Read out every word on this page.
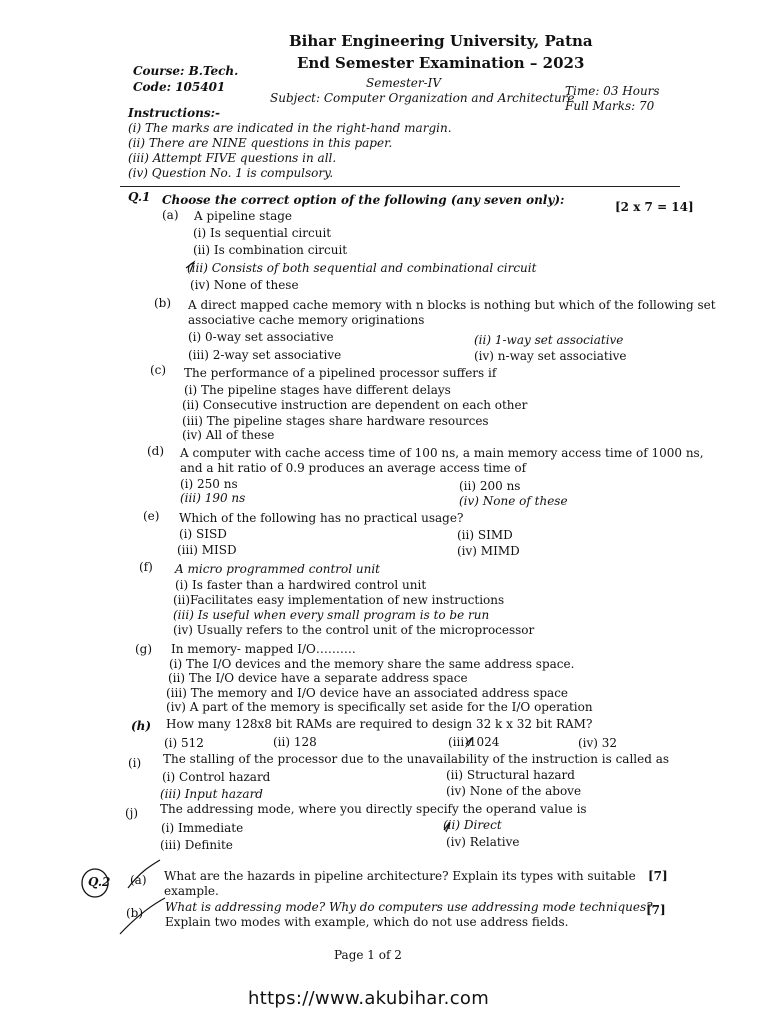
Bihar Engineering University, Patna
End Semester Examination – 2023
Semester-IV
Subject: Computer Organization and Architecture
Course: B.Tech.
Code: 105401	Time: 03 Hours
Full Marks: 70
Instructions:-
(i) The marks are indicated in the right-hand margin.
(ii) There are NINE questions in this paper.
(iii) Attempt FIVE questions in all.
(iv) Question No. 1 is compulsory.
Q.1 Choose the correct option of the following (any seven only):	[2 x 7 = 14]
(a) A pipeline stage
(i) Is sequential circuit
(ii) Is combination circuit
(iii) Consists of both sequential and combinational circuit
(iv) None of these
(b) A direct mapped cache memory with n blocks is nothing but which of the following set
associative cache memory originations
(i) 0-way set associative	(ii) 1-way set associative
(iii) 2-way set associative	(iv) n-way set associative
(c) The performance of a pipelined processor suffers if
(i) The pipeline stages have different delays
(ii) Consecutive instruction are dependent on each other
(iii) The pipeline stages share hardware resources
(iv) All of these
(d) A computer with cache access time of 100 ns, a main memory access time of 1000 ns,
and a hit ratio of 0.9 produces an average access time of
(i) 250 ns	(ii) 200 ns
(iii) 190 ns	(iv) None of these
(e) Which of the following has no practical usage?
(i) SISD	(ii) SIMD
(iii) MISD	(iv) MIMD
(f) A micro programmed control unit
(i) Is faster than a hardwired control unit
(ii)Facilitates easy implementation of new instructions
(iii) Is useful when every small program is to be run
(iv) Usually refers to the control unit of the microprocessor
(g) In memory- mapped I/O……….
(i) The I/O devices and the memory share the same address space.
(ii) The I/O device have a separate address space
(iii) The memory and I/O device have an associated address space
(iv) A part of the memory is specifically set aside for the I/O operation
(h) How many 128x8 bit RAMs are required to design 32 k x 32 bit RAM?
(i) 512	(ii) 128	(iii)1024	(iv) 32
(i) The stalling of the processor due to the unavailability of the instruction is called as
(i) Control hazard	(ii) Structural hazard
(iii) Input hazard	(iv) None of the above
(j) The addressing mode, where you directly specify the operand value is
(i) Immediate	(ii) Direct
(iii) Definite	(iv) Relative
Q.2 (a) What are the hazards in pipeline architecture? Explain its types with suitable
example.
[7]
(b) What is addressing mode? Why do computers use addressing mode techniques?
Explain two modes with example, which do not use address fields.
[7]
Page 1 of 2
https://www.akubihar.com
